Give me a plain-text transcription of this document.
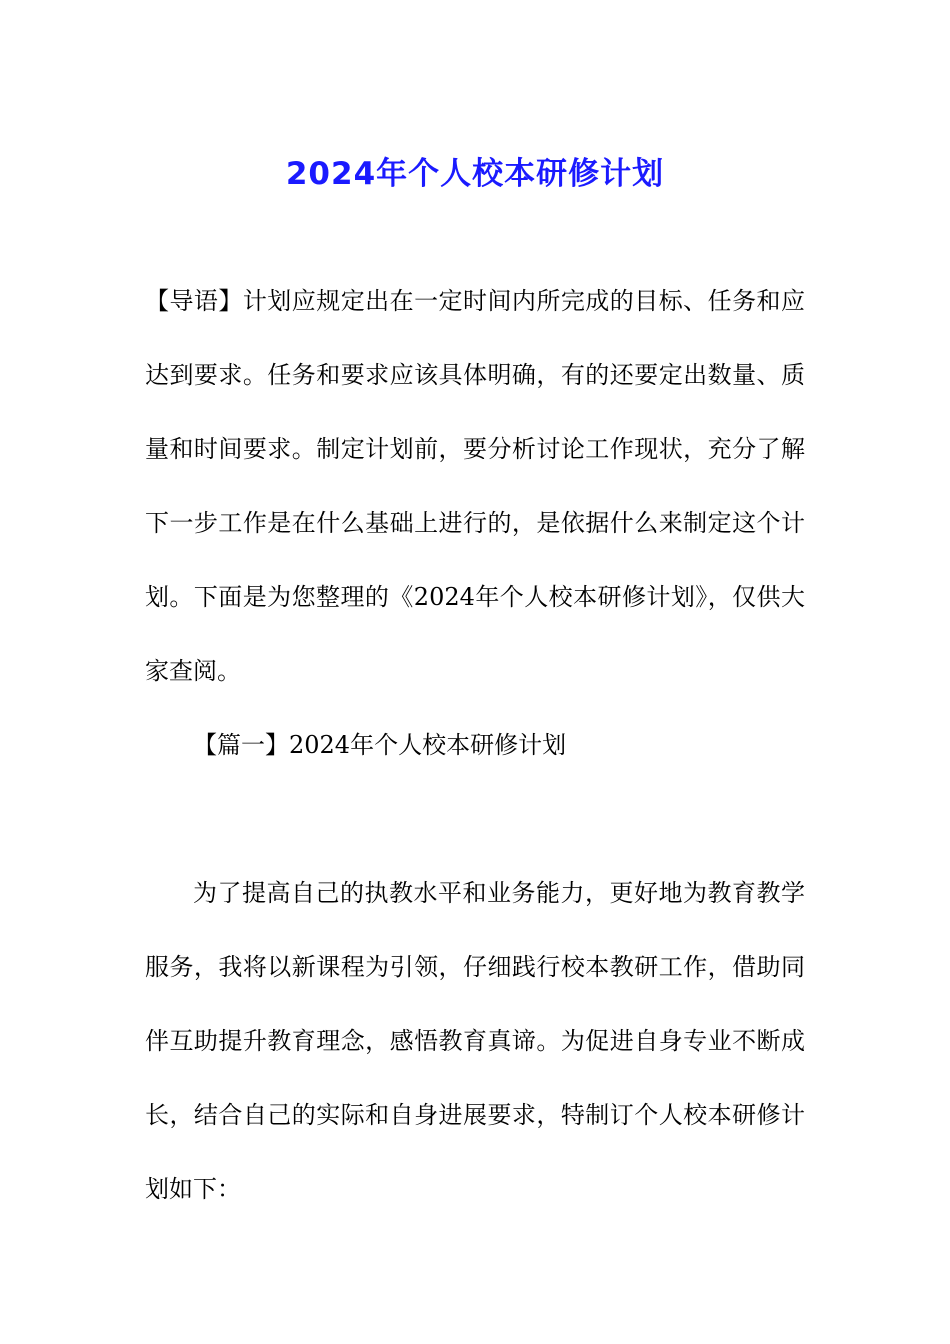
2024年个人校本研修计划

【导语】计划应规定出在一定时间内所完成的目标、任务和应达到要求。任务和要求应该具体明确，有的还要定出数量、质量和时间要求。制定计划前，要分析讨论工作现状，充分了解下一步工作是在什么基础上进行的，是依据什么来制定这个计划。下面是为您整理的《2024年个人校本研修计划》，仅供大家查阅。

【篇一】2024年个人校本研修计划

为了提高自己的执教水平和业务能力，更好地为教育教学服务，我将以新课程为引领，仔细践行校本教研工作，借助同伴互助提升教育理念，感悟教育真谛。为促进自身专业不断成长，结合自己的实际和自身进展要求，特制订个人校本研修计划如下：
